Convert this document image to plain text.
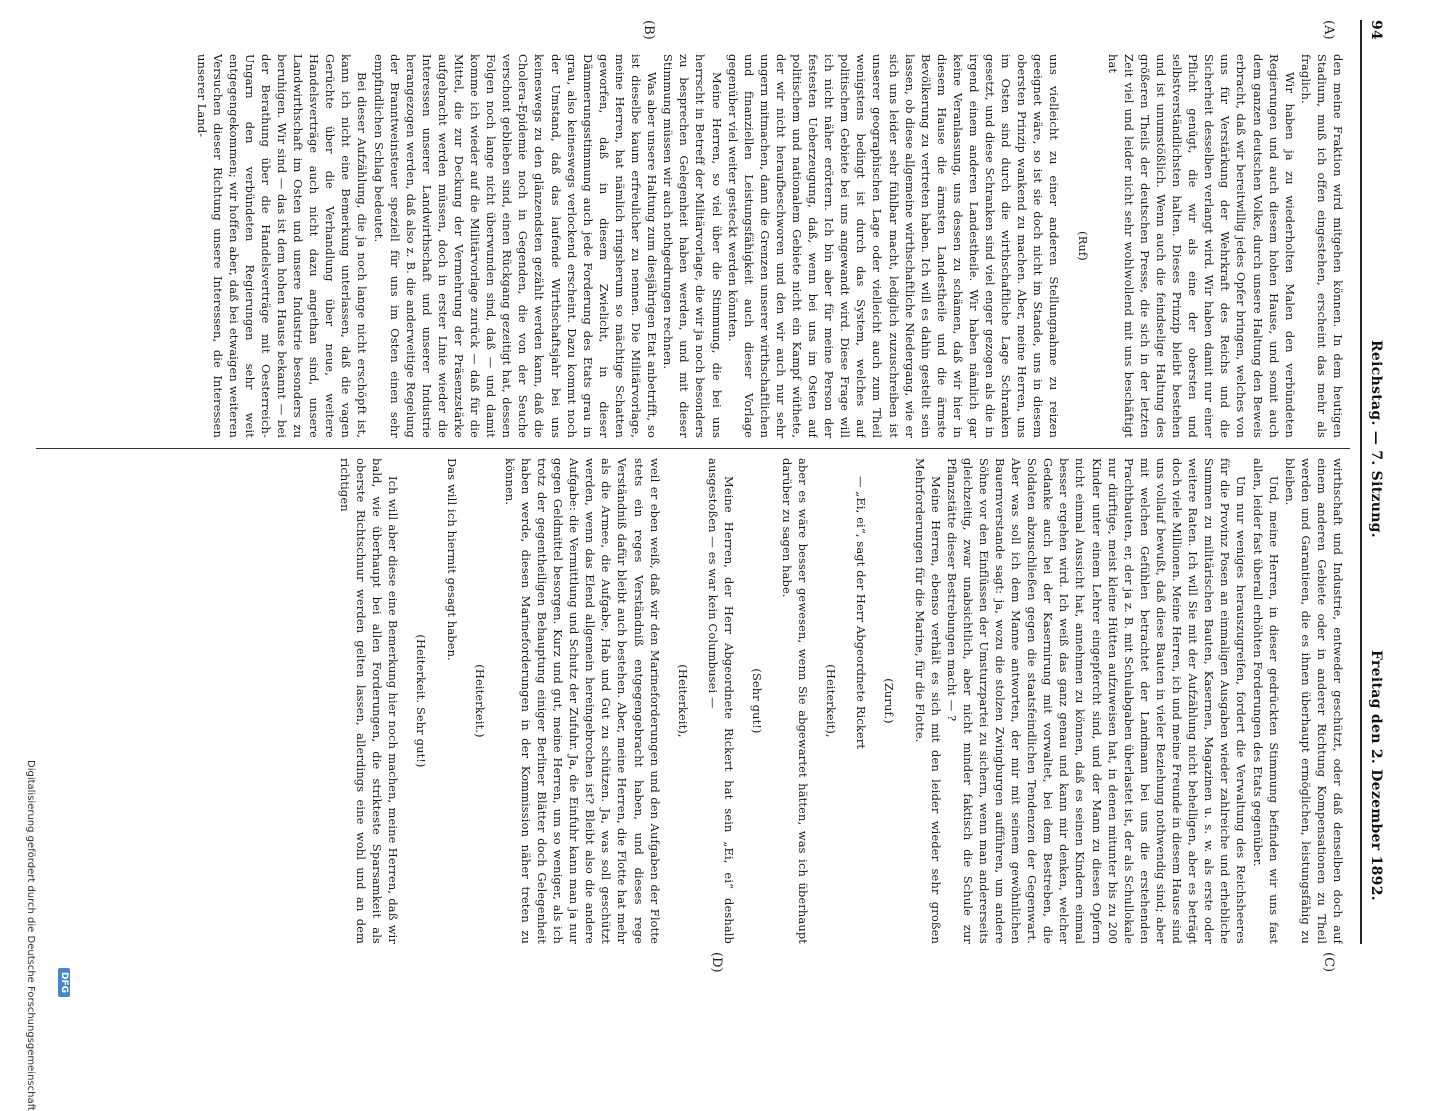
94
Reichstag. — 7. Sitzung.
Freitag den 2. Dezember 1892.
(A)
(B)
(C)
(D)

den meine Fraktion wird mitgehen können. In dem heutigen Stadium, muß ich offen eingestehen, erscheint das mehr als fraglich.

Wir haben ja zu wiederholten Malen den verbündeten Regierungen und auch diesem hohen Hause, und somit auch dem ganzen deutschen Volke, durch unsere Haltung den Beweis erbracht, daß wir bereitwillig jedes Opfer bringen, welches von uns für Verstärkung der Wehrkraft des Reichs und die Sicherheit desselben verlangt wird. Wir haben damit nur einer Pflicht genügt, die wir als eine der obersten und selbstverständlichsten halten. Dieses Prinzip bleibt bestehen und ist unumstößlich. Wenn auch die feindselige Haltung des größeren Theils der deutschen Presse, die sich in der letzten Zeit viel und leider nicht sehr wohlwollend mit uns beschäftigt hat

(Ruf)

uns vielleicht zu einer anderen Stellungnahme zu reizen geeignet wäre, so ist sie doch nicht im Stande, uns in diesem obersten Prinzip wankend zu machen. Aber, meine Herren, uns im Osten sind durch die wirthschaftliche Lage Schranken gesetzt, und diese Schranken sind viel enger gezogen als die in irgend einem anderen Landestheile. Wir haben nämlich gar keine Veranlassung, uns dessen zu schämen, daß wir hier in diesem Hause die ärmsten Landestheile und die ärmste Bevölkerung zu vertreten haben. Ich will es dahin gestellt sein lassen, ob diese allgemeine wirthschaftliche Niedergang, wie er sich uns leider sehr fühlbar macht, lediglich zuzuschreiben ist unserer geographischen Lage oder vielleicht auch zum Theil wenigstens bedingt ist durch das System, welches auf politischem Gebiete bei uns angewandt wird. Diese Frage will ich nicht näher erörtern. Ich bin aber für meine Person der festesten Ueberzeugung, daß, wenn bei uns im Osten auf politischem und nationalem Gebiete nicht ein Kampf wüthete, der wir nicht heraufbeschworen und den wir auch nur sehr ungern mitmachen, dann die Grenzen unserer wirthschaftlichen und finanziellen Leistungsfähigkeit auch dieser Vorlage gegenüber viel weiter gesteckt werden könnten.

Meine Herren, so viel über die Stimmung, die bei uns herrscht in Betreff der Militärvorlage, die wir ja noch besonders zu besprechen Gelegenheit haben werden, und mit dieser Stimmung müssen wir auch nothgedrungen rechnen.

Was aber unsere Haltung zum diesjährigen Etat anbetrifft, so ist dieselbe kaum erfreulicher zu nennen. Die Militärvorlage, meine Herren, hat nämlich ringsherum so mächtige Schatten geworfen, daß in diesem Zwielicht, in dieser Dämmerungsstimmung auch jede Forderung des Etats grau in grau, also keineswegs verlockend erscheint. Dazu kommt noch der Umstand, daß das laufende Wirthschaftsjahr bei uns keineswegs zu den glänzendsten gezählt werden kann, daß die Cholera-Epidemie noch in Gegenden, die von der Seuche verschont geblieben sind, einen Rückgang gezeitigt hat, dessen Folgen noch lange nicht überwunden sind, daß — und damit komme ich wieder auf die Militärvorlage zurück — daß für die Mittel, die zur Deckung der Vermehrung der Präsenzstärke aufgebracht werden müssen, doch in erster Linie wieder die Interessen unserer Landwirthschaft und unserer Industrie herangezogen werden, daß also z. B. die anderweitige Regelung der Branntweinsteuer speziell für uns im Osten einen sehr empfindlichen Schlag bedeutet.

Bei dieser Aufzählung, die ja noch lange nicht erschöpft ist, kann ich nicht eine Bemerkung unterlassen, daß die vagen Gerüchte über die Verhandlung über neue, weitere Handelsverträge auch nicht dazu angethan sind, unsere Landwirthschaft im Osten und unsere Industrie besonders zu beruhigen. Wir sind — das ist dem hohen Hause bekannt — bei der Berathung über die Handelsverträge mit Oesterreich-Ungarn den verbündeten Regierungen sehr weit entgegengekommen; wir hoffen aber, daß bei etwaigen weiteren Versuchen dieser Richtung unsere Interessen, die Interessen unserer Land-

wirthschaft und Industrie, entweder geschützt, oder daß denselben doch auf einem anderen Gebiete oder in anderer Richtung Kompensationen zu Theil werden und Garantieen, die es ihnen überhaupt ermöglichen, leistungsfähig zu bleiben.

Und, meine Herren, in dieser gedrückten Stimmung befinden wir uns fast allen, leider fast überall erhöhten Forderungen des Etats gegenüber.

Um nur weniges herauszugreifen, fordert die Verwaltung des Reichsheeres für die Provinz Posen an einmaligen Ausgaben wieder zahlreiche und erhebliche Summen zu militärischen Bauten, Kasernen, Magazinen u. s. w. als erste oder weitere Raten. Ich will Sie mit der Aufzählung nicht behelligen, aber es beträgt doch viele Millionen. Meine Herren, ich und meine Freunde in diesem Hause sind uns vollauf bewußt, daß diese Bauten in vieler Beziehung nothwendig sind; aber mit welchen Gefühlen betrachtet der Landmann bei uns die erstehenden Prachtbauten, er, der ja z. B. mit Schulabgaben überlastet ist, der als Schullokale nur dürftige, meist kleine Hütten aufzuweisen hat, in denen mitunter bis zu 200 Kinder unter einem Lehrer eingepfercht sind, und der Mann zu diesen Opfern nicht einmal Aussicht hat, annehmen zu können, daß es seinen Kindern einmal besser ergehen wird. Ich weiß das ganz genau und kann mir denken, welcher Gedanke auch bei der Kasernirung mit vorwaltet, bei dem Bestreben, die Soldaten abzuschließen gegen die staatsfeindlichen Tendenzen der Gegenwart. Aber was soll ich dem Manne antworten, der mir mit seinem gewöhnlichen Bauernverstande sagt: ja, wozu die stolzen Zwingburgen aufführen, um andere Söhne vor den Einflüssen der Umsturzpartei zu sichern, wenn man andererseits gleichzeitig, zwar unabsichtlich, aber nicht minder faktisch die Schule zur Pflanzstätte dieser Bestrebungen macht — ?

Meine Herren, ebenso verhält es sich mit den leider wieder sehr großen Mehrforderungen für die Marine, für die Flotte.

(Zuruf.)

— „Ei, ei“, sagt der Herr Abgeordnete Rickert

(Heiterkeit),

aber es wäre besser gewesen, wenn Sie abgewartet hätten, was ich überhaupt darüber zu sagen habe.

(Sehr gut!)

Meine Herren, der Herr Abgeordnete Rickert hat sein „Ei, ei“ deshalb ausgestoßen — es war kein Columbusei —

(Heiterkeit),

weil er eben weiß, daß wir den Marineforderungen und den Aufgaben der Flotte stets ein reges Verständniß entgegengebracht haben, und dieses rege Verständniß dafür bleibt auch bestehen. Aber, meine Herren, die Flotte hat mehr als die Armee, die Aufgabe, Hab und Gut zu schützen. Ja, was soll geschützt werden, wenn das Elend allgemein hereingebrochen ist? Bleibt also die andere Aufgabe: die Vermittlung und Schutz der Zufuhr. Ja, die Einfuhr kann man ja nur gegen Geldmittel besorgen. Kurz und gut, meine Herren, um so weniger, als ich trotz der gegentheiligen Behauptung einiger Berliner Blätter doch Gelegenheit haben werde, diesen Marineforderungen in der Kommission näher treten zu können.

(Heiterkeit.)

Das will ich hiermit gesagt haben.

(Heiterkeit. Sehr gut!)

Ich will aber diese eine Bemerkung hier noch machen, meine Herren, daß wir bald, wie überhaupt bei allen Forderungen, die strikteste Sparsamkeit als oberste Richtschnur werden gelten lassen, allerdings eine wohl und an dem richtigen

Digitalisierung gefördert durch die Deutsche Forschungsgemeinschaft	DFG
